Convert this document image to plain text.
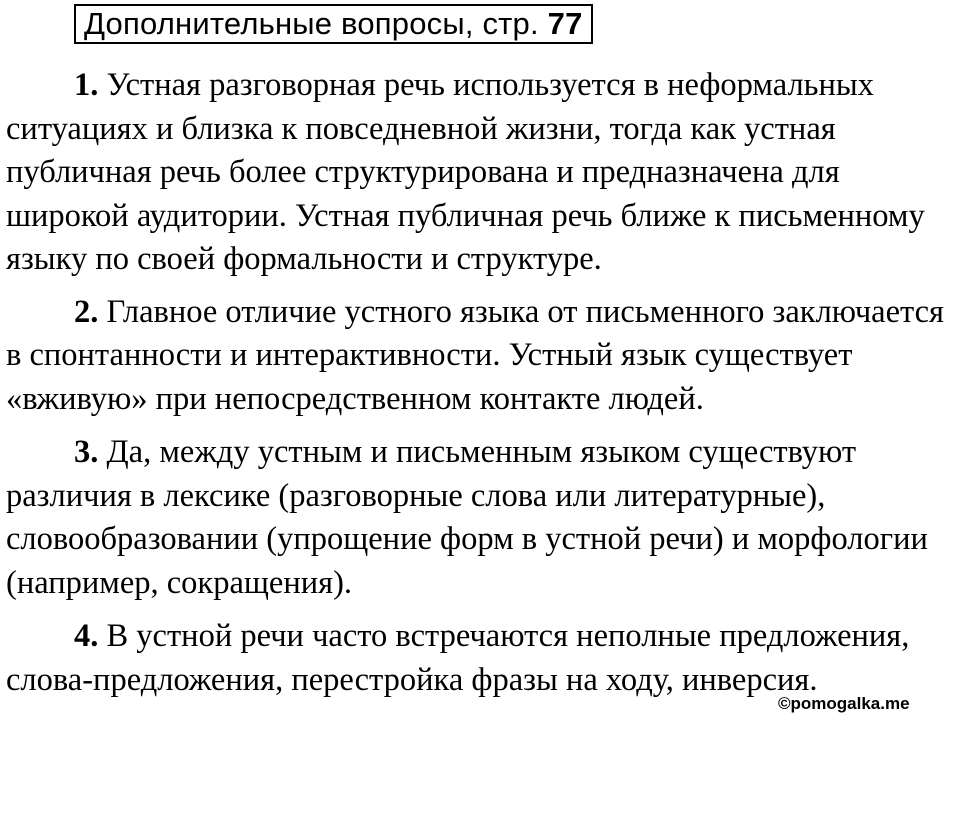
Дополнительные вопросы, стр. 77

1. Устная разговорная речь используется в неформальных ситуациях и близка к повседневной жизни, тогда как устная публичная речь более структурирована и предназначена для широкой аудитории. Устная публичная речь ближе к письменному языку по своей формальности и структуре.

2. Главное отличие устного языка от письменного заключается в спонтанности и интерактивности. Устный язык существует «вживую» при непосредственном контакте людей.

3. Да, между устным и письменным языком существуют различия в лексике (разговорные слова или литературные), словообразовании (упрощение форм в устной речи) и морфологии (например, сокращения).

4. В устной речи часто встречаются неполные предложения, слова-предложения, перестройка фразы на ходу, инверсия.

©pomogalka.me
